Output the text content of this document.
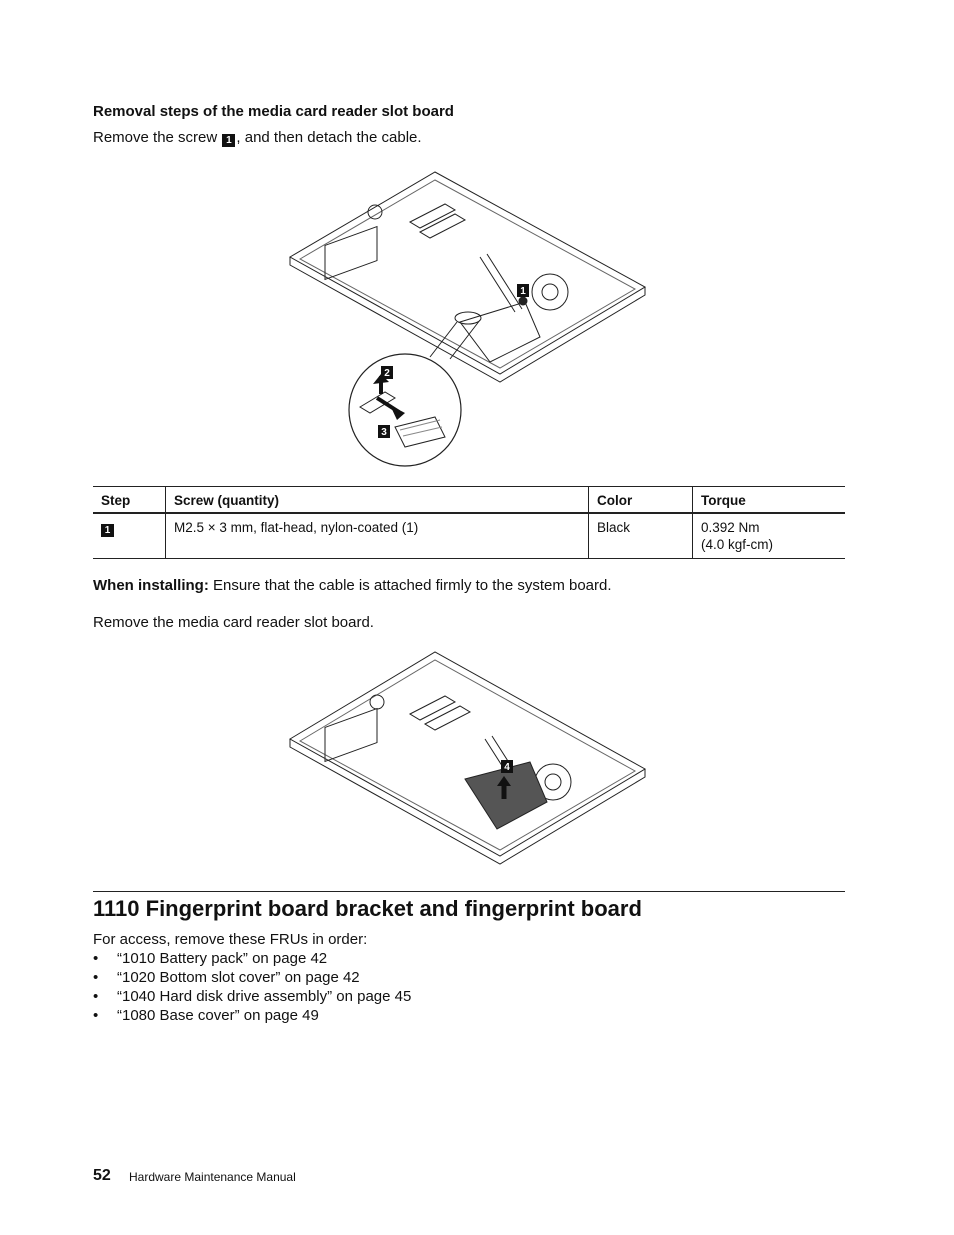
Removal steps of the media card reader slot board
Remove the screw 1 , and then detach the cable.
1
2
3
Step	Screw (quantity)	Color	Torque
1	M2.5 × 3 mm, flat-head, nylon-coated (1)	Black	0.392 Nm
(4.0 kgf-cm)
When installing: Ensure that the cable is attached firmly to the system board.
Remove the media card reader slot board.
4
1110 Fingerprint board bracket and fingerprint board
For access, remove these FRUs in order:
• “1010 Battery pack” on page 42
• “1020 Bottom slot cover” on page 42
• “1040 Hard disk drive assembly” on page 45
• “1080 Base cover” on page 49
52 Hardware Maintenance Manual
